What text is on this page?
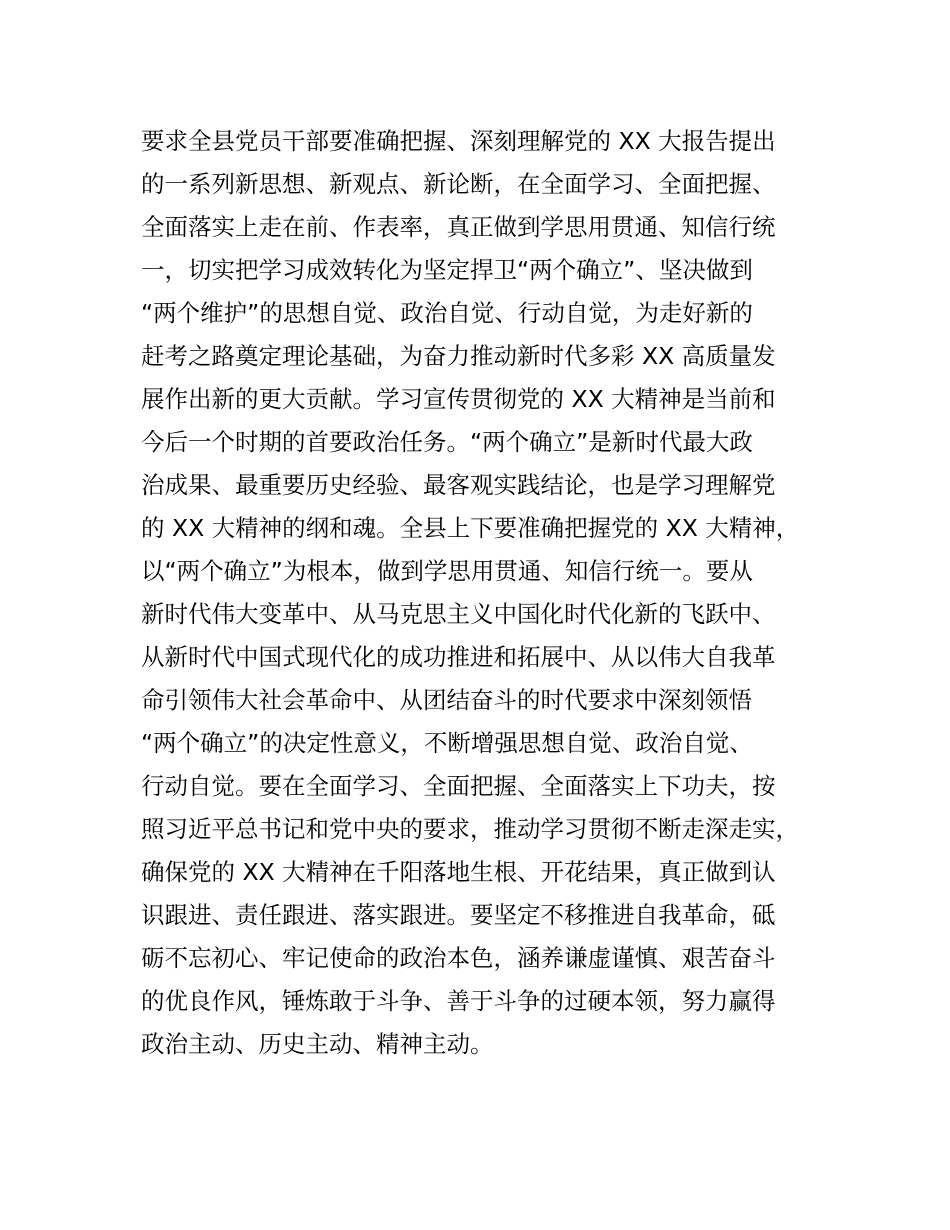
要求全县党员干部要准确把握、深刻理解党的 XX 大报告提出
的一系列新思想、新观点、新论断，在全面学习、全面把握、
全面落实上走在前、作表率，真正做到学思用贯通、知信行统
一，切实把学习成效转化为坚定捍卫“两个确立”、坚决做到
“两个维护”的思想自觉、政治自觉、行动自觉，为走好新的
赶考之路奠定理论基础，为奋力推动新时代多彩 XX 高质量发
展作出新的更大贡献。学习宣传贯彻党的 XX 大精神是当前和
今后一个时期的首要政治任务。“两个确立”是新时代最大政
治成果、最重要历史经验、最客观实践结论，也是学习理解党
的 XX 大精神的纲和魂。全县上下要准确把握党的 XX 大精神，
以“两个确立”为根本，做到学思用贯通、知信行统一。要从
新时代伟大变革中、从马克思主义中国化时代化新的飞跃中、
从新时代中国式现代化的成功推进和拓展中、从以伟大自我革
命引领伟大社会革命中、从团结奋斗的时代要求中深刻领悟
“两个确立”的决定性意义，不断增强思想自觉、政治自觉、
行动自觉。要在全面学习、全面把握、全面落实上下功夫，按
照习近平总书记和党中央的要求，推动学习贯彻不断走深走实，
确保党的 XX 大精神在千阳落地生根、开花结果，真正做到认
识跟进、责任跟进、落实跟进。要坚定不移推进自我革命，砥
砺不忘初心、牢记使命的政治本色，涵养谦虚谨慎、艰苦奋斗
的优良作风，锤炼敢于斗争、善于斗争的过硬本领，努力赢得
政治主动、历史主动、精神主动。
